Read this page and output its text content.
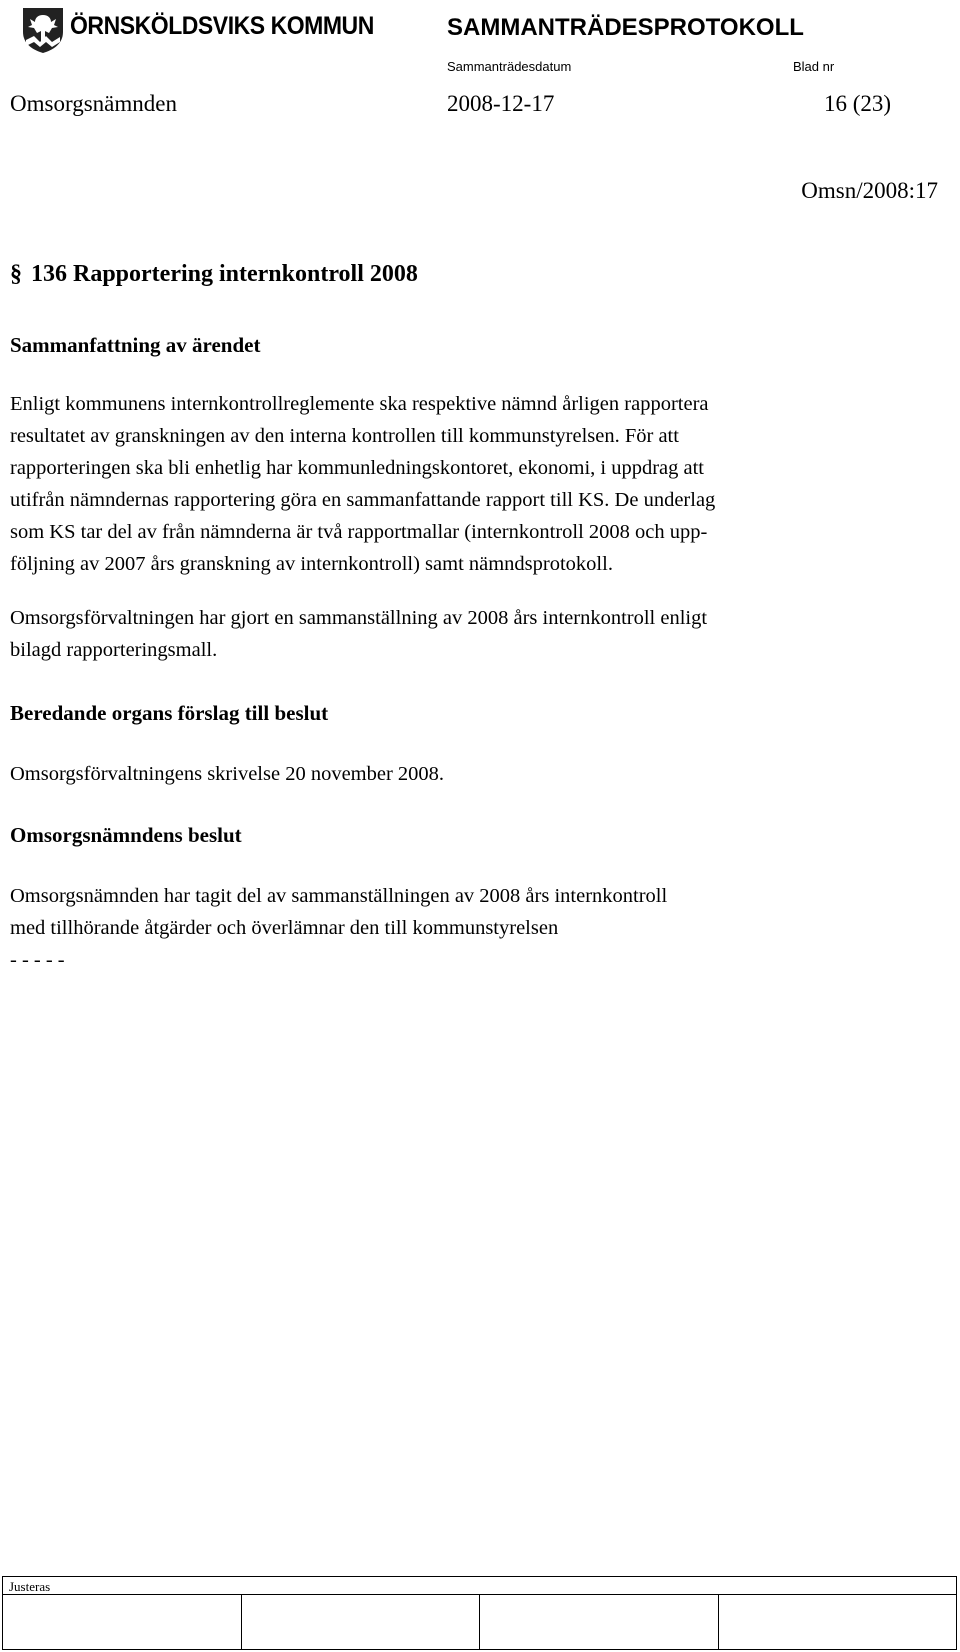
ÖRNSKÖLDSVIKS KOMMUN	SAMMANTRÄDESPROTOKOLL
Sammanträdesdatum	Blad nr
Omsorgsnämnden	2008-12-17	16 (23)
Omsn/2008:17
§ 136 Rapportering internkontroll 2008
Sammanfattning av ärendet
Enligt kommunens internkontrollreglemente ska respektive nämnd årligen rapportera
resultatet av granskningen av den interna kontrollen till kommunstyrelsen. För att
rapporteringen ska bli enhetlig har kommunledningskontoret, ekonomi, i uppdrag att
utifrån nämndernas rapportering göra en sammanfattande rapport till KS. De underlag
som KS tar del av från nämnderna är två rapportmallar (internkontroll 2008 och upp-
följning av 2007 års granskning av internkontroll) samt nämndsprotokoll.
Omsorgsförvaltningen har gjort en sammanställning av 2008 års internkontroll enligt
bilagd rapporteringsmall.
Beredande organs förslag till beslut
Omsorgsförvaltningens skrivelse 20 november 2008.
Omsorgsnämndens beslut
Omsorgsnämnden har tagit del av sammanställningen av 2008 års internkontroll
med tillhörande åtgärder och överlämnar den till kommunstyrelsen
- - - - -
Justeras
